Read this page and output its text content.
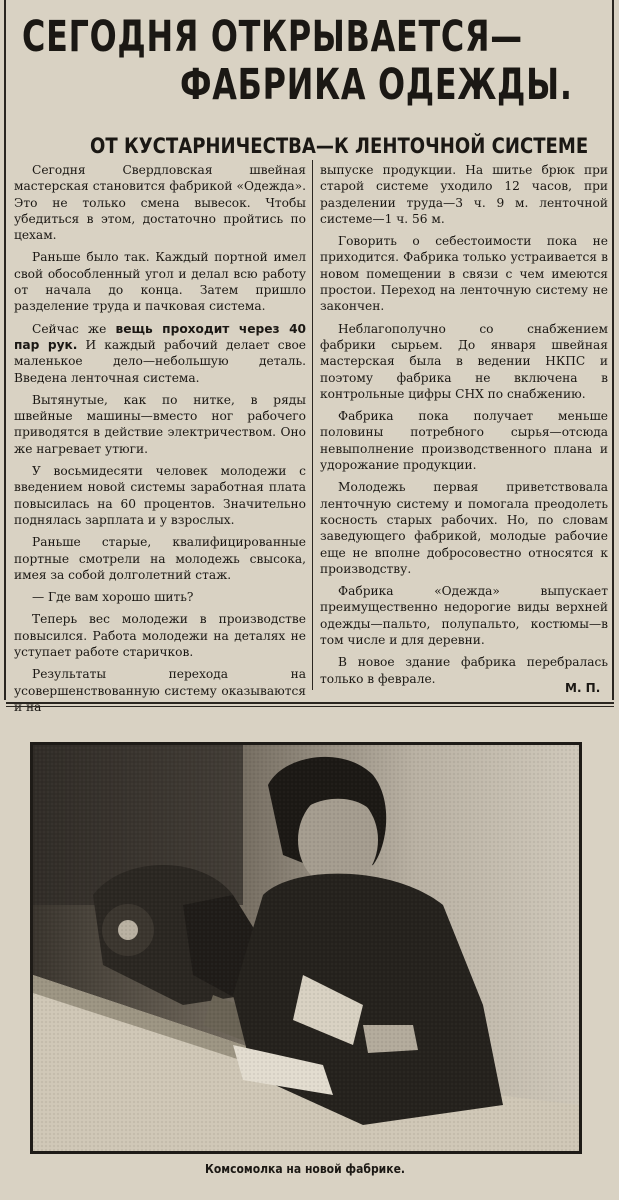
СЕГОДНЯ ОТКРЫВАЕТСЯ—
ФАБРИКА ОДЕЖДЫ.
ОТ КУСТАРНИЧЕСТВА—К ЛЕНТОЧНОЙ СИСТЕМЕ

Сегодня Свердловская швейная мастерская становится фабрикой «Одежда». Это не только смена вывесок. Чтобы убедиться в этом, достаточно пройтись по цехам.

Раньше было так. Каждый портной имел свой обособленный угол и делал всю работу от начала до конца. Затем пришло разделение труда и пачковая система.

Сейчас же вещь проходит через 40 пар рук. И каждый рабочий делает свое маленькое дело—небольшую деталь. Введена ленточная система.

Вытянутые, как по нитке, в ряды швейные машины—вместо ног рабочего приводятся в действие электричеством. Оно же нагревает утюги.

У восьмидесяти человек молодежи с введением новой системы заработная плата повысилась на 60 процентов. Значительно поднялась зарплата и у взрослых.

Раньше старые, квалифицированные портные смотрели на молодежь свысока, имея за собой долголетний стаж.

— Где вам хорошо шить?

Теперь вес молодежи в производстве повысился. Работа молодежи на деталях не уступает работе старичков.

Результаты перехода на усовершенствованную систему оказываются

выпуске продукции. На шитье брюк при старой системе уходило 12 часов, при разделении труда—3 ч. 9 м. ленточной системе—1 ч. 56 м.

Говорить о себестоимости пока не приходится. Фабрика только устраивается в новом помещении в связи с чем имеются простои. Переход на ленточную систему не закончен.

Неблагополучно со снабжением фабрики сырьем. До января швейная мастерская была в ведении НКПС и поэтому фабрика не включена в контрольные цифры СНХ по снабжению.

Фабрика пока получает меньше половины потребного сырья—отсюда невыполнение производственного плана и удорожание продукции.

Молодежь первая приветствовала ленточную систему и помогала преодолеть косность старых рабочих. Но, по словам заведующего фабрикой, молодые рабочие еще не вполне добросовестно относятся к производству.

Фабрика «Одежда» выпускает преимущественно недорогие виды верхней одежды—пальто, полупальто, костюмы—в том числе и для деревни.

В новое здание фабрика перебралась только в феврале.

М. П.
Комсомолка на новой фабрике.
